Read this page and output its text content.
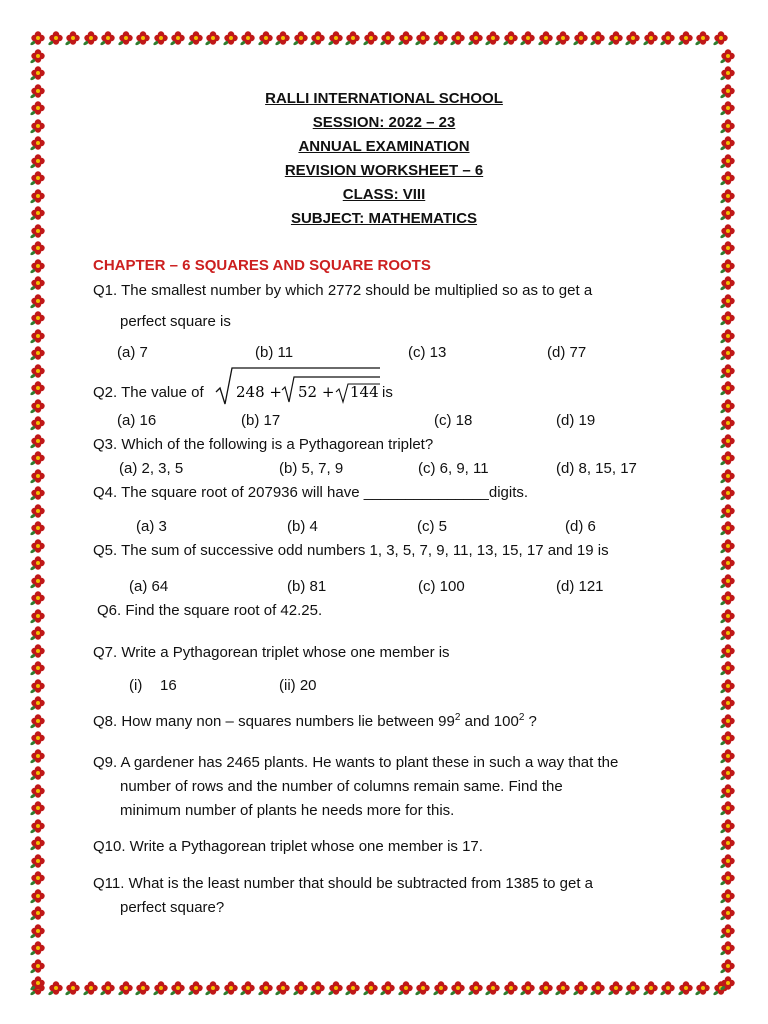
RALLI INTERNATIONAL SCHOOL
SESSION: 2022 – 23
ANNUAL EXAMINATION
REVISION WORKSHEET – 6
CLASS: VIII
SUBJECT: MATHEMATICS
CHAPTER – 6 SQUARES AND SQUARE ROOTS
Q1. The smallest number by which 2772 should be multiplied so as to get a
perfect square is
(a) 7	(b) 11	(c) 13	(d) 77
Q2. The value of 248 + 52 + 144 is
(a) 16	(b) 17	(c) 18	(d) 19
Q3. Which of the following is a Pythagorean triplet?
(a) 2, 3, 5	(b) 5, 7, 9	(c) 6, 9, 11	(d) 8, 15, 17
Q4. The square root of 207936 will have _______________digits.
(a) 3	(b) 4	(c) 5	(d) 6
Q5. The sum of successive odd numbers 1, 3, 5, 7, 9, 11, 13, 15, 17 and 19 is
(a) 64	(b) 81	(c) 100	(d) 121
Q6. Find the square root of 42.25.
Q7. Write a Pythagorean triplet whose one member is
(i) 16	(ii) 20
Q8. How many non – squares numbers lie between $99^2$ and $100^2$ ?
Q9. A gardener has 2465 plants. He wants to plant these in such a way that the
number of rows and the number of columns remain same. Find the
minimum number of plants he needs more for this.
Q10. Write a Pythagorean triplet whose one member is 17.
Q11. What is the least number that should be subtracted from 1385 to get a
perfect square?
